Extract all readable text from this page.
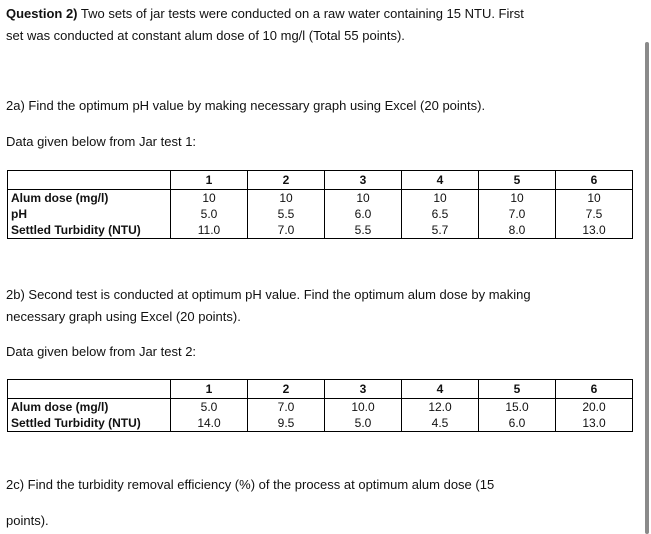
Question 2) Two sets of jar tests were conducted on a raw water containing 15 NTU. First
set was conducted at constant alum dose of 10 mg/l (Total 55 points).
2a) Find the optimum pH value by making necessary graph using Excel (20 points).
Data given below from Jar test 1:
	1	2	3	4	5	6
Alum dose (mg/l)	10	10	10	10	10	10
pH	5.0	5.5	6.0	6.5	7.0	7.5
Settled Turbidity (NTU)	11.0	7.0	5.5	5.7	8.0	13.0
2b) Second test is conducted at optimum pH value. Find the optimum alum dose by making
necessary graph using Excel (20 points).
Data given below from Jar test 2:
	1	2	3	4	5	6
Alum dose (mg/l)	5.0	7.0	10.0	12.0	15.0	20.0
Settled Turbidity (NTU)	14.0	9.5	5.0	4.5	6.0	13.0
2c) Find the turbidity removal efficiency (%) of the process at optimum alum dose (15
points).
